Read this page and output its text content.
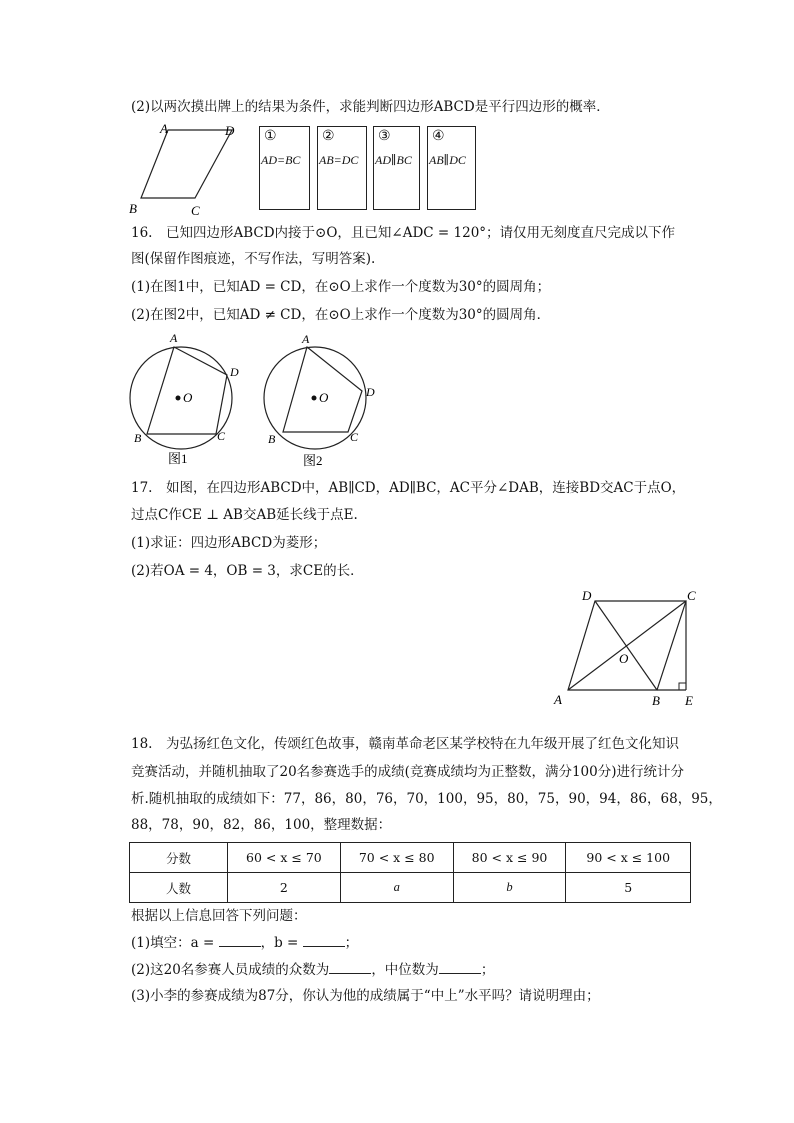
(2)以两次摸出牌上的结果为条件，求能判断四边形ABCD是平行四边形的概率．
A	D
B	C
①
AD=BC
②
AB=DC
③
AD∥BC
④
AB∥DC
16.　已知四边形ABCD内接于⊙O，且已知∠ADC = 120°；请仅用无刻度直尺完成以下作
图(保留作图痕迹，不写作法，写明答案).
(1)在图1中，已知AD = CD，在⊙O上求作一个度数为30°的圆周角；
(2)在图2中，已知AD ≠ CD，在⊙O上求作一个度数为30°的圆周角．
O
A
D
B	C
图1
O
A
D
B	C
图2
17.　如图，在四边形ABCD中，AB∥CD，AD∥BC，AC平分∠DAB，连接BD交AC于点O，
过点C作CE ⊥ AB交AB延长线于点E.
(1)求证：四边形ABCD为菱形；
(2)若OA = 4，OB = 3，求CE的长．
D	C
O
A	B E
18.　为弘扬红色文化，传颂红色故事，赣南革命老区某学校特在九年级开展了红色文化知识
竞赛活动，并随机抽取了20名参赛选手的成绩(竞赛成绩均为正整数，满分100分)进行统计分
析.随机抽取的成绩如下：77，86，80，76，70，100，95，80，75，90，94，86，68，95，
88，78，90，82，86，100，整理数据：
分数	60 < x ≤ 70	70 < x ≤ 80	80 < x ≤ 90	90 < x ≤ 100
人数	2	a	b	5
根据以上信息回答下列问题：
(1)填空：a =	，b =	；
(2)这20名参赛人员成绩的众数为	，中位数为	；
(3)小李的参赛成绩为87分，你认为他的成绩属于“中上”水平吗？请说明理由；
